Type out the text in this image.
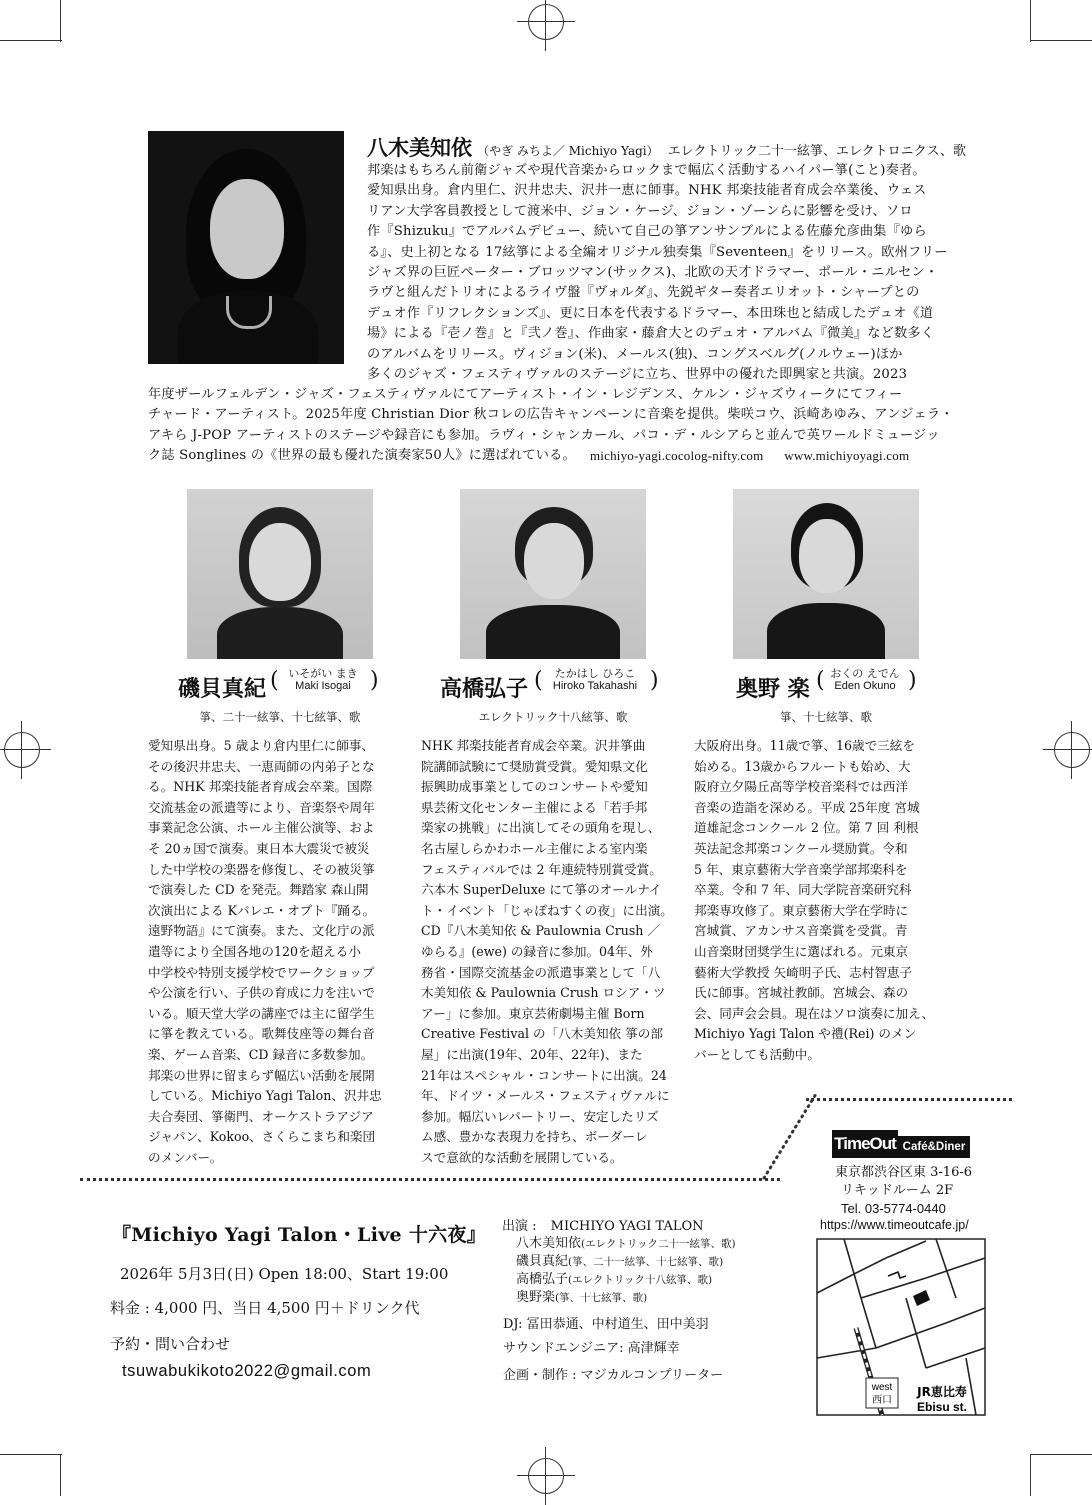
八木美知依 （やぎ みちよ／ Michiyo Yagi） エレクトリック二十一絃箏、エレクトロニクス、歌
邦楽はもちろん前衛ジャズや現代音楽からロックまで幅広く活動するハイパー箏(こと)奏者。
愛知県出身。倉内里仁、沢井忠夫、沢井一恵に師事。NHK 邦楽技能者育成会卒業後、ウェス
リアン大学客員教授として渡米中、ジョン・ケージ、ジョン・ゾーンらに影響を受け、ソロ
作『Shizuku』でアルバムデビュー、続いて自己の箏アンサンブルによる佐藤允彦曲集『ゆら
る』、史上初となる 17絃箏による全編オリジナル独奏集『Seventeen』をリリース。欧州フリー
ジャズ界の巨匠ペーター・ブロッツマン(サックス)、北欧の天才ドラマー、ポール・ニルセン・
ラヴと組んだトリオによるライヴ盤『ヴォルダ』、先鋭ギター奏者エリオット・シャープとの
デュオ作『リフレクションズ』、更に日本を代表するドラマー、本田珠也と結成したデュオ《道
場》による『壱ノ巻』と『弐ノ巻』、作曲家・藤倉大とのデュオ・アルバム『微美』など数多く
のアルバムをリリース。ヴィジョン(米)、メールス(独)、コングスベルグ(ノルウェー)ほか
多くのジャズ・フェスティヴァルのステージに立ち、世界中の優れた即興家と共演。2023
年度ザールフェルデン・ジャズ・フェスティヴァルにてアーティスト・イン・レジデンス、ケルン・ジャズウィークにてフィー
チャード・アーティスト。2025年度 Christian Dior 秋コレの広告キャンペーンに音楽を提供。柴咲コウ、浜崎あゆみ、アンジェラ・
アキら J-POP アーティストのステージや録音にも参加。ラヴィ・シャンカール、パコ・デ・ルシアらと並んで英ワールドミュージッ
ク誌 Songlines の《世界の最も優れた演奏家50人》に選ばれている。	michiyo-yagi.cocolog-nifty.com www.michiyoyagi.com
磯貝真紀
いそがい まき
Maki Isogai
(	)	高橋弘子
たかはし ひろこ
Hiroko Takahashi
(	)	奥野 楽
おくの えでん
Eden Okuno
(	)
箏、二十一絃箏、十七絃箏、歌	エレクトリック十八絃箏、歌	箏、十七絃箏、歌
愛知県出身。5 歳より倉内里仁に師事、
その後沢井忠夫、一恵両師の内弟子とな
る。NHK 邦楽技能者育成会卒業。国際
交流基金の派遣等により、音楽祭や周年
事業記念公演、ホール主催公演等、およ
そ 20ヵ国で演奏。東日本大震災で被災
した中学校の楽器を修復し、その被災箏
で演奏した CD を発売。舞踏家 森山開
次演出による Kバレエ・オプト『踊る。
遠野物語』にて演奏。また、文化庁の派
遣等により全国各地の120を超える小
中学校や特別支援学校でワークショップ
や公演を行い、子供の育成に力を注いで
いる。順天堂大学の講座では主に留学生
に箏を教えている。歌舞伎座等の舞台音
楽、ゲーム音楽、CD 録音に多数参加。
邦楽の世界に留まらず幅広い活動を展開
している。Michiyo Yagi Talon、沢井忠
夫合奏団、箏衛門、オーケストラアジア
ジャパン、Kokoo、さくらこまち和楽団
のメンバー。
NHK 邦楽技能者育成会卒業。沢井箏曲
院講師試験にて奨励賞受賞。愛知県文化
振興助成事業としてのコンサートや愛知
県芸術文化センター主催による「若手邦
楽家の挑戦」に出演してその頭角を現し、
名古屋しらかわホール主催による室内楽
フェスティバルでは 2 年連続特別賞受賞。
六本木 SuperDeluxe にて箏のオールナイ
ト・イベント「じゃぽねすくの夜」に出演。
CD『八木美知依 & Paulownia Crush ／
ゆらる』(ewe) の録音に参加。04年、外
務省・国際交流基金の派遣事業として「八
木美知依 & Paulownia Crush ロシア・ツ
アー」に参加。東京芸術劇場主催 Born
Creative Festival の「八木美知依 箏の部
屋」に出演(19年、20年、22年)、また
21年はスペシャル・コンサートに出演。24
年、ドイツ・メールス・フェスティヴァルに
参加。幅広いレパートリー、安定したリズ
ム感、豊かな表現力を持ち、ボーダーレ
スで意欲的な活動を展開している。
大阪府出身。11歳で箏、16歳で三絃を
始める。13歳からフルートも始め、大
阪府立夕陽丘高等学校音楽科では西洋
音楽の造詣を深める。平成 25年度 宮城
道雄記念コンクール 2 位。第 7 回 利根
英法記念邦楽コンクール奨励賞。令和
5 年、東京藝術大学音楽学部邦楽科を
卒業。令和 7 年、同大学院音楽研究科
邦楽専攻修了。東京藝術大学在学時に
宮城賞、アカンサス音楽賞を受賞。青
山音楽財団奨学生に選ばれる。元東京
藝術大学教授 矢崎明子氏、志村智恵子
氏に師事。宮城社教師。宮城会、森の
会、同声会会員。現在はソロ演奏に加え、
Michiyo Yagi Talon や禮(Rei) のメン
バーとしても活動中。
TimeOut Café&Diner
東京都渋谷区東 3-16-6
リキッドルーム 2F
Tel. 03-5774-0440
https://www.timeoutcafe.jp/
west
西口
JR恵比寿
Ebisu st.
『Michiyo Yagi Talon・Live 十六夜』
2026年 5月3日(日) Open 18:00、Start 19:00
料金 : 4,000 円、当日 4,500 円＋ドリンク代
予約・問い合わせ
tsuwabukikoto2022@gmail.com
出演 : MICHIYO YAGI TALON
八木美知依(エレクトリック二十一絃箏、歌)
磯貝真紀(箏、二十一絃箏、十七絃箏、歌)
高橋弘子(エレクトリック十八絃箏、歌)
奥野楽(箏、十七絃箏、歌)
DJ: 冨田恭通、中村道生、田中美羽
サウンドエンジニア: 高津輝幸
企画・制作 : マジカルコンプリーター
